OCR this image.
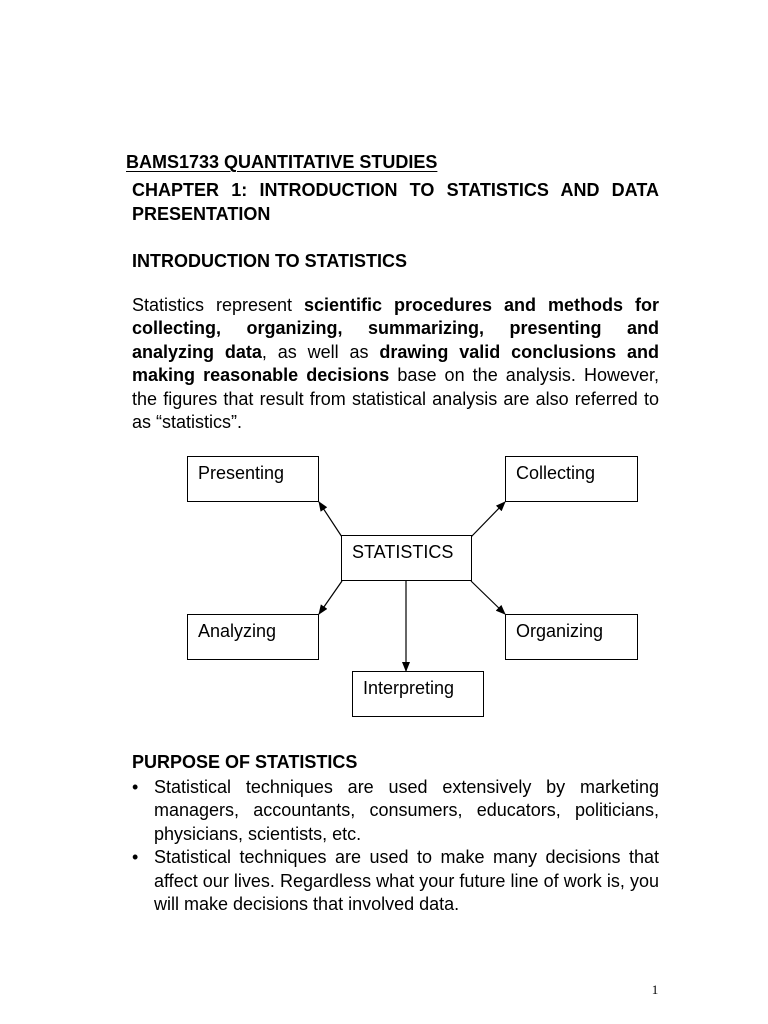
BAMS1733 QUANTITATIVE STUDIES
CHAPTER 1: INTRODUCTION TO STATISTICS AND DATA PRESENTATION
INTRODUCTION TO STATISTICS

Statistics represent scientific procedures and methods for collecting, organizing, summarizing, presenting and analyzing data, as well as drawing valid conclusions and making reasonable decisions base on the analysis. However, the figures that result from statistical analysis are also referred to as “statistics”.

Presenting	Collecting
STATISTICS
Analyzing	Organizing
Interpreting
PURPOSE OF STATISTICS
• Statistical techniques are used extensively by marketing managers, accountants, consumers, educators, politicians, physicians, scientists, etc.
• Statistical techniques are used to make many decisions that affect our lives. Regardless what your future line of work is, you will make decisions that involved data.
1
